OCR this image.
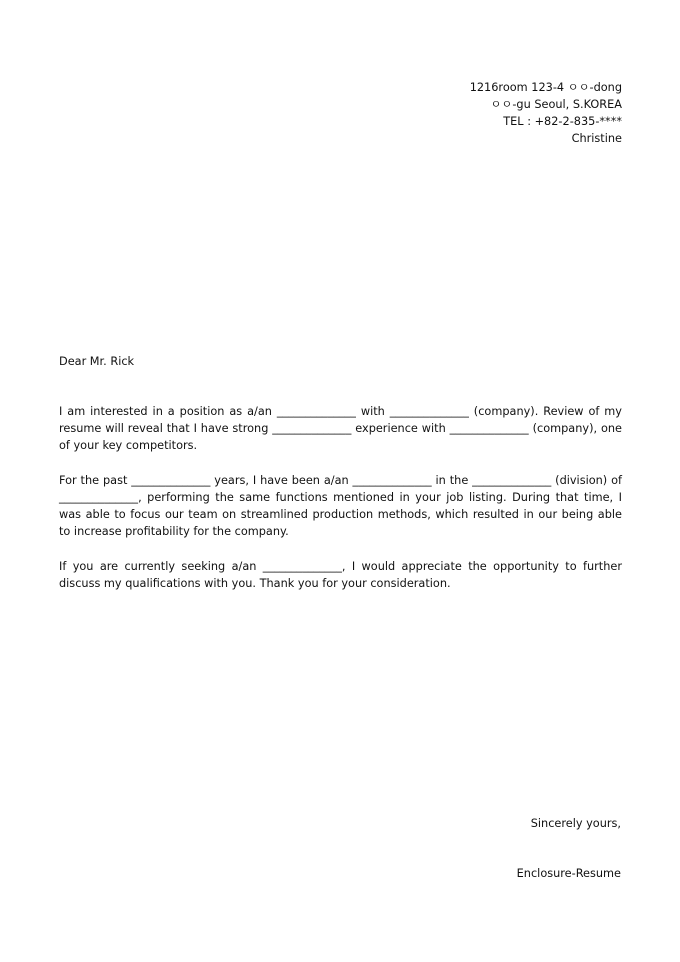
1216room 123-4 ㅇㅇ-dong
ㅇㅇ-gu Seoul, S.KOREA
TEL : +82-2-835-****
Christine
Dear Mr. Rick
I am interested in a position as a/an ______________ with ______________ (company). Review of my resume will reveal that I have strong ______________ experience with ______________ (company), one of your key competitors.
For the past ______________ years, I have been a/an ______________ in the ______________ (division) of ______________, performing the same functions mentioned in your job listing. During that time, I was able to focus our team on streamlined production methods, which resulted in our being able to increase profitability for the company.
If you are currently seeking a/an ______________, I would appreciate the opportunity to further discuss my qualifications with you. Thank you for your consideration.
Sincerely yours,
Enclosure-Resume
